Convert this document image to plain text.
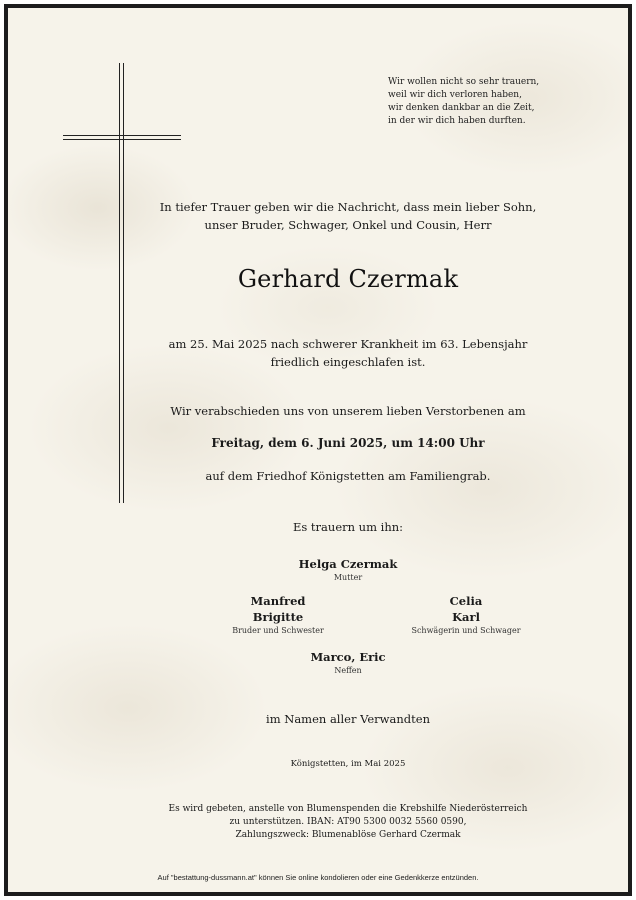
Wir wollen nicht so sehr trauern,
weil wir dich verloren haben,
wir denken dankbar an die Zeit,
in der wir dich haben durften.
In tiefer Trauer geben wir die Nachricht, dass mein lieber Sohn,
unser Bruder, Schwager, Onkel und Cousin, Herr
Gerhard Czermak
am 25. Mai 2025 nach schwerer Krankheit im 63. Lebensjahr
friedlich eingeschlafen ist.
Wir verabschieden uns von unserem lieben Verstorbenen am
Freitag, dem 6. Juni 2025, um 14:00 Uhr
auf dem Friedhof Königstetten am Familiengrab.
Es trauern um ihn:
Helga Czermak
Mutter
Manfred
Brigitte
Bruder und Schwester
Celia
Karl
Schwägerin und Schwager
Marco, Eric
Neffen
im Namen aller Verwandten
Königstetten, im Mai 2025
Es wird gebeten, anstelle von Blumenspenden die Krebshilfe Niederösterreich
zu unterstützen. IBAN: AT90 5300 0032 5560 0590,
Zahlungszweck: Blumenablöse Gerhard Czermak
Auf "bestattung-dussmann.at" können Sie online kondolieren oder eine Gedenkkerze entzünden.
